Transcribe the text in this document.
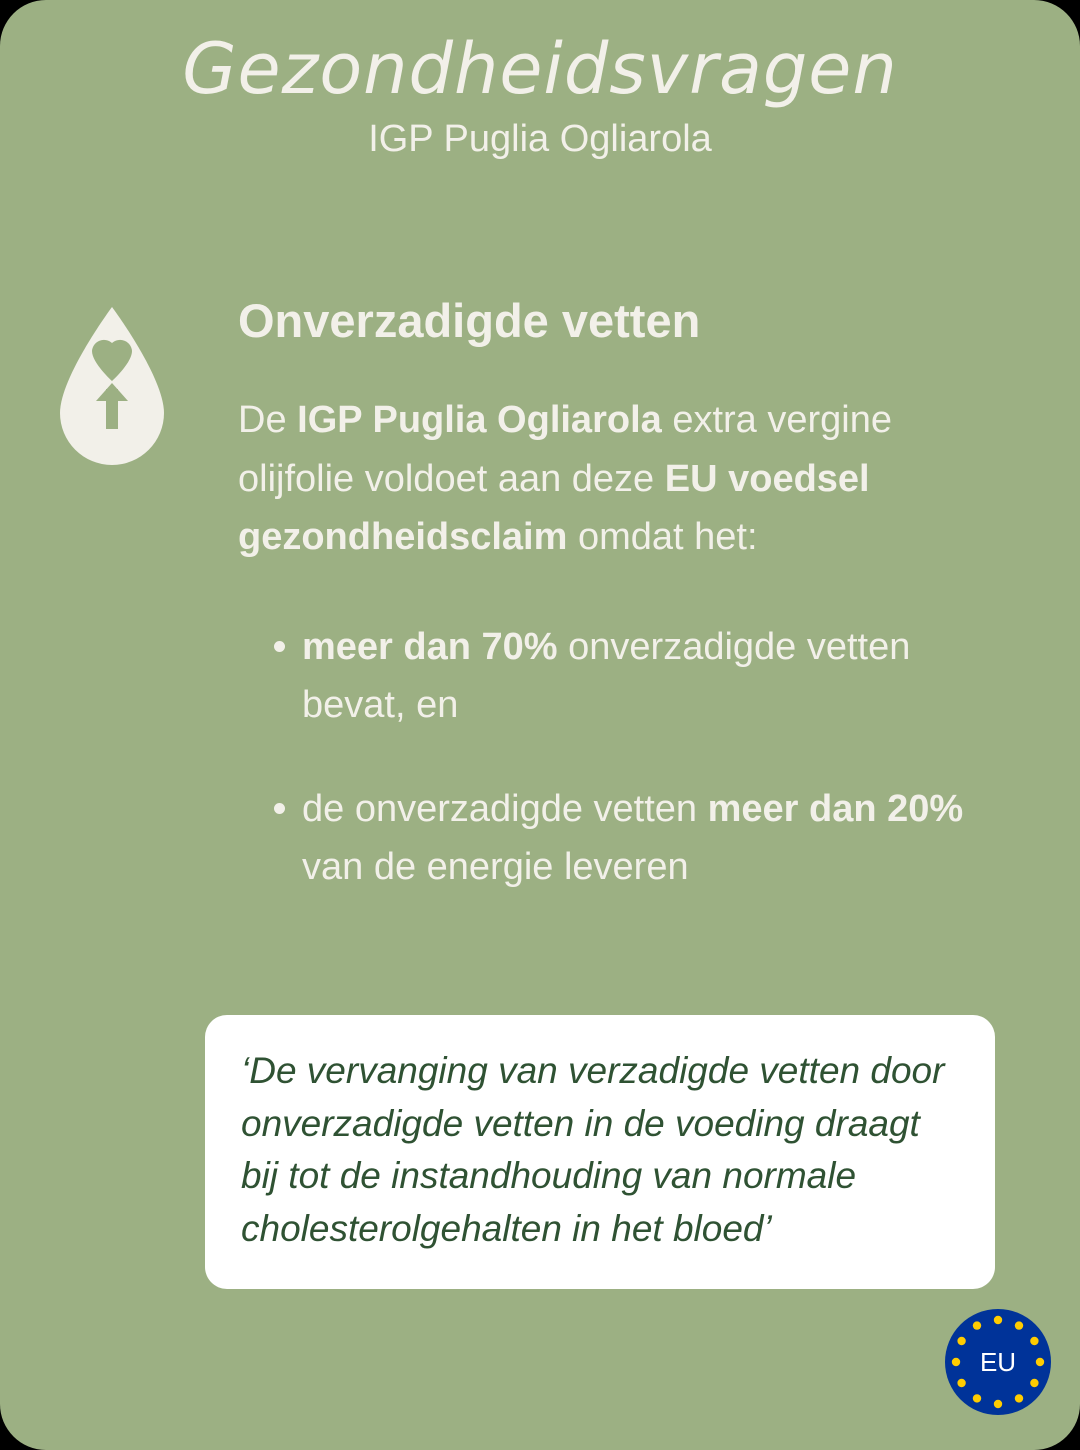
Gezondheidsvragen
IGP Puglia Ogliarola
Onverzadigde vetten

De IGP Puglia Ogliarola extra vergine olijfolie voldoet aan deze EU voedsel gezondheidsclaim omdat het:

meer dan 70% onverzadigde vetten bevat, en
de onverzadigde vetten meer dan 20% van de energie leveren

‘De vervanging van verzadigde vetten door onverzadigde vetten in de voeding draagt bij tot de instandhouding van normale cholesterolgehalten in het bloed’

EU
